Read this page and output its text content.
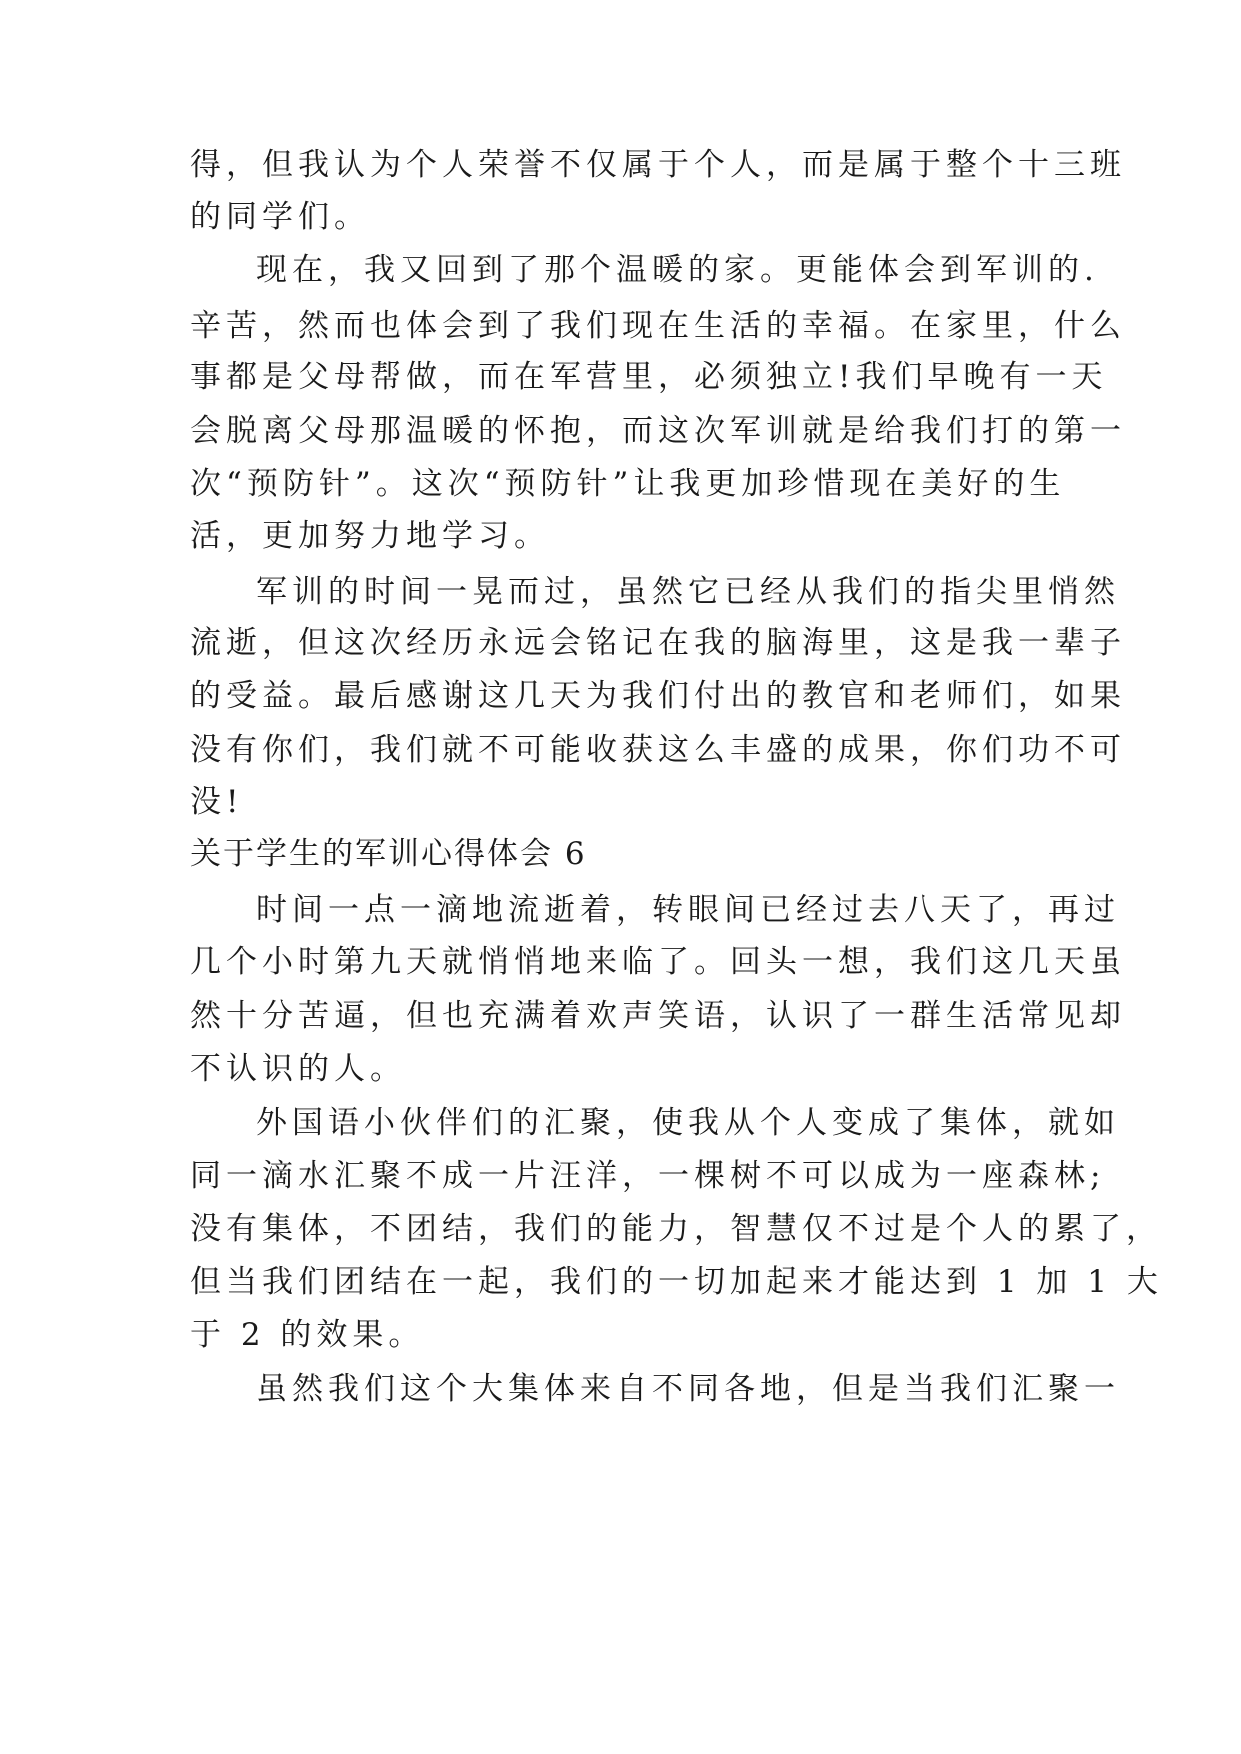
得，但我认为个人荣誉不仅属于个人，而是属于整个十三班
的同学们。
现在，我又回到了那个温暖的家。更能体会到军训的.
辛苦，然而也体会到了我们现在生活的幸福。在家里，什么
事都是父母帮做，而在军营里，必须独立!我们早晚有一天
会脱离父母那温暖的怀抱，而这次军训就是给我们打的第一
次“预防针”。这次“预防针”让我更加珍惜现在美好的生
活，更加努力地学习。
军训的时间一晃而过，虽然它已经从我们的指尖里悄然
流逝，但这次经历永远会铭记在我的脑海里，这是我一辈子
的受益。最后感谢这几天为我们付出的教官和老师们，如果
没有你们，我们就不可能收获这么丰盛的成果，你们功不可
没!
关于学生的军训心得体会 6
时间一点一滴地流逝着，转眼间已经过去八天了，再过
几个小时第九天就悄悄地来临了。回头一想，我们这几天虽
然十分苦逼，但也充满着欢声笑语，认识了一群生活常见却
不认识的人。
外国语小伙伴们的汇聚，使我从个人变成了集体，就如
同一滴水汇聚不成一片汪洋，一棵树不可以成为一座森林;
没有集体，不团结，我们的能力，智慧仅不过是个人的累了，
但当我们团结在一起，我们的一切加起来才能达到 1 加 1 大
于 2 的效果。
虽然我们这个大集体来自不同各地，但是当我们汇聚一
